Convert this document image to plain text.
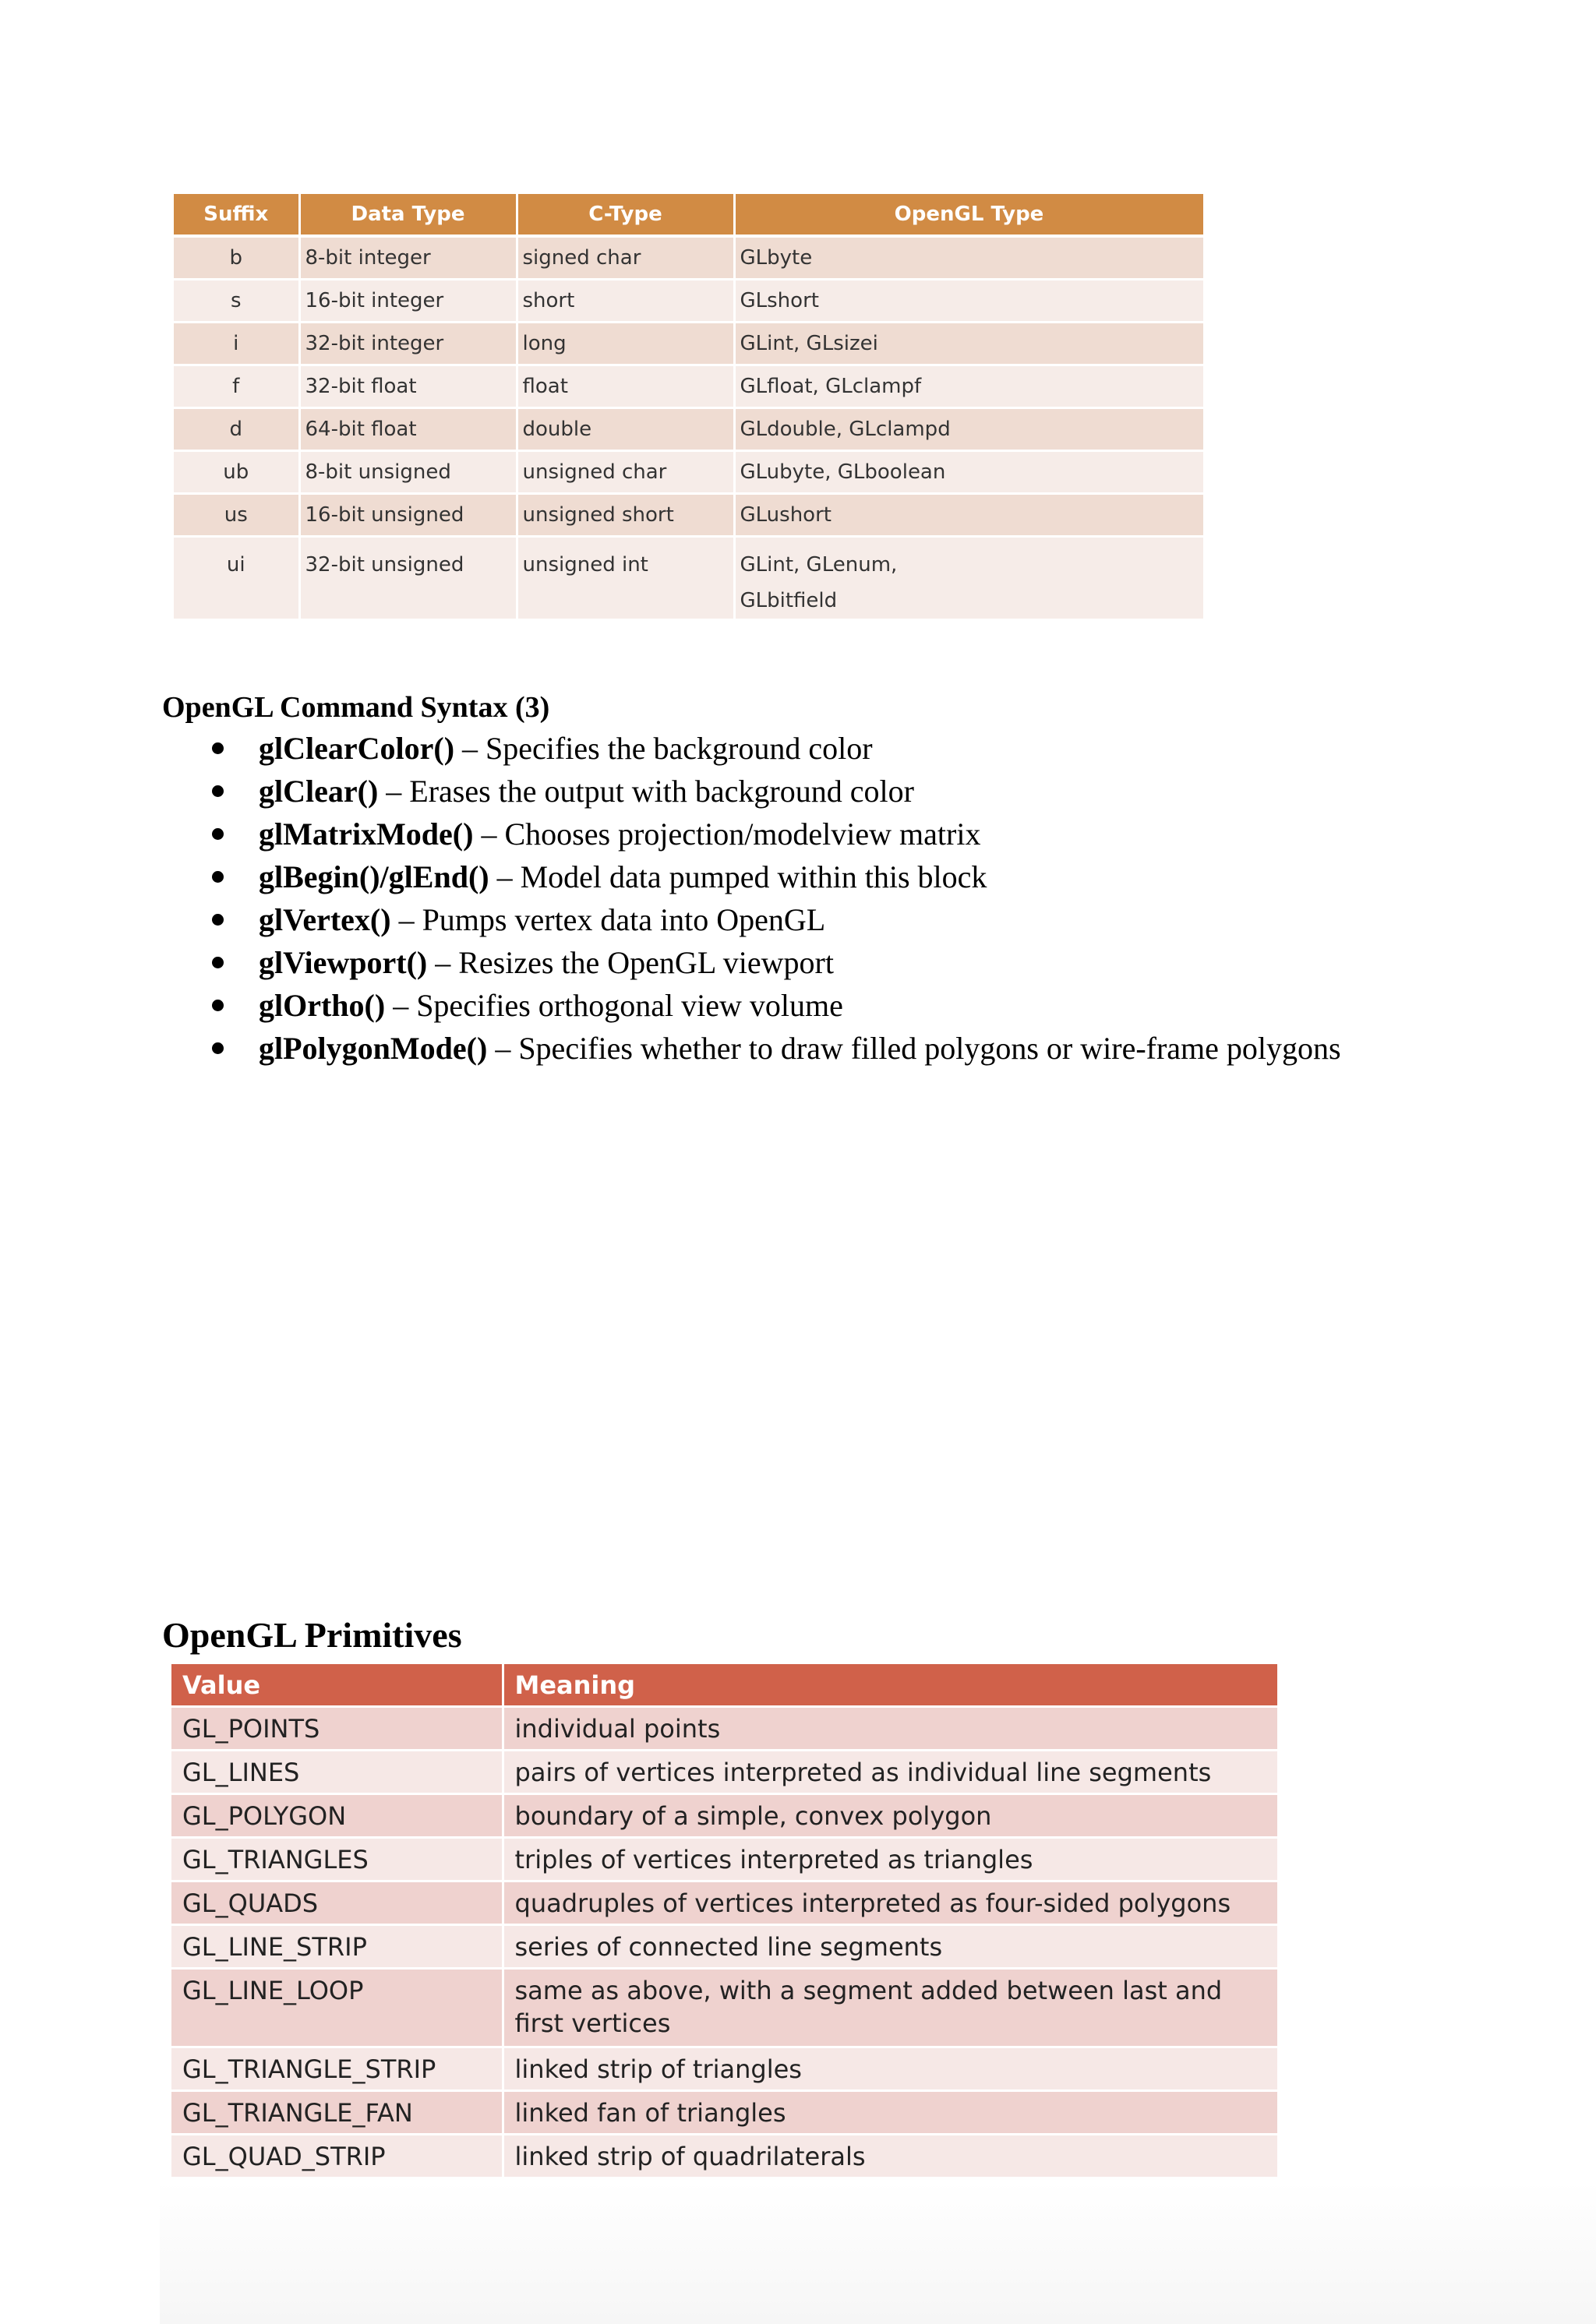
Suffix	Data Type	C-Type	OpenGL Type
b	8-bit integer	signed char	GLbyte
s	16-bit integer	short	GLshort
i	32-bit integer	long	GLint, GLsizei
f	32-bit float	float	GLfloat, GLclampf
d	64-bit float	double	GLdouble, GLclampd
ub	8-bit unsigned	unsigned char	GLubyte, GLboolean
us	16-bit unsigned	unsigned short	GLushort
ui	32-bit unsigned	unsigned int	GLint, GLenum,
GLbitfield
OpenGL Command Syntax (3)
glClearColor() – Specifies the background color
glClear() – Erases the output with background color
glMatrixMode() – Chooses projection/modelview matrix
glBegin()/glEnd() – Model data pumped within this block
glVertex() – Pumps vertex data into OpenGL
glViewport() – Resizes the OpenGL viewport
glOrtho() – Specifies orthogonal view volume
glPolygonMode() – Specifies whether to draw filled polygons or wire-frame polygons
OpenGL Primitives
Value	Meaning
GL_POINTS	individual points
GL_LINES	pairs of vertices interpreted as individual line segments
GL_POLYGON	boundary of a simple, convex polygon
GL_TRIANGLES	triples of vertices interpreted as triangles
GL_QUADS	quadruples of vertices interpreted as four-sided polygons
GL_LINE_STRIP	series of connected line segments
GL_LINE_LOOP	same as above, with a segment added between last and first vertices
GL_TRIANGLE_STRIP	linked strip of triangles
GL_TRIANGLE_FAN	linked fan of triangles
GL_QUAD_STRIP	linked strip of quadrilaterals
